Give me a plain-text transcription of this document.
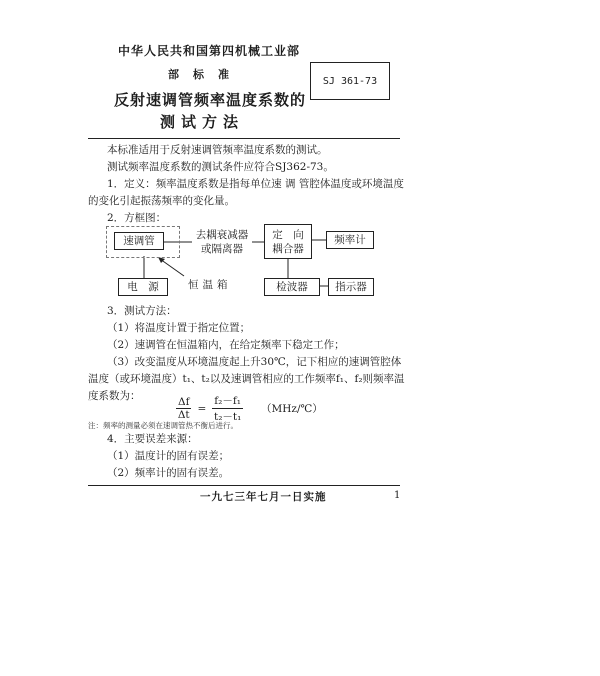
中华人民共和国第四机械工业部
部标准
反射速调管频率温度系数的
测试方法
SJ 361-73
本标准适用于反射速调管频率温度系数的测试。
测试频率温度系数的测试条件应符合SJ362-73。
1．定义：频率温度系数是指每单位速 调 管腔体温度或环境温度的变化引起振荡频率的变化量。
2．方框图：
速调管	去耦衰减器
或隔离器
定　向
耦合器
频率计
电　源	恒温箱	检波器	指示器
3．测试方法：
（1）将温度计置于指定位置；
（2）速调管在恒温箱内，在给定频率下稳定工作；
（3）改变温度从环境温度起上升30℃，记下相应的速调管腔体温度（或环境温度）t₁、t₂以及速调管相应的工作频率f₁、f₂则频率温度系数为：	$\frac{\Delta f}{\Delta t} = \frac{\text{f₂－f₁}}{\text{t₂－t₁}}$ （MHz/℃）
注：频率的测量必须在速调管热不衡后进行。
4．主要误差来源：
（1）温度计的固有误差；
（2）频率计的固有误差。
一九七三年七月一日实施	1
